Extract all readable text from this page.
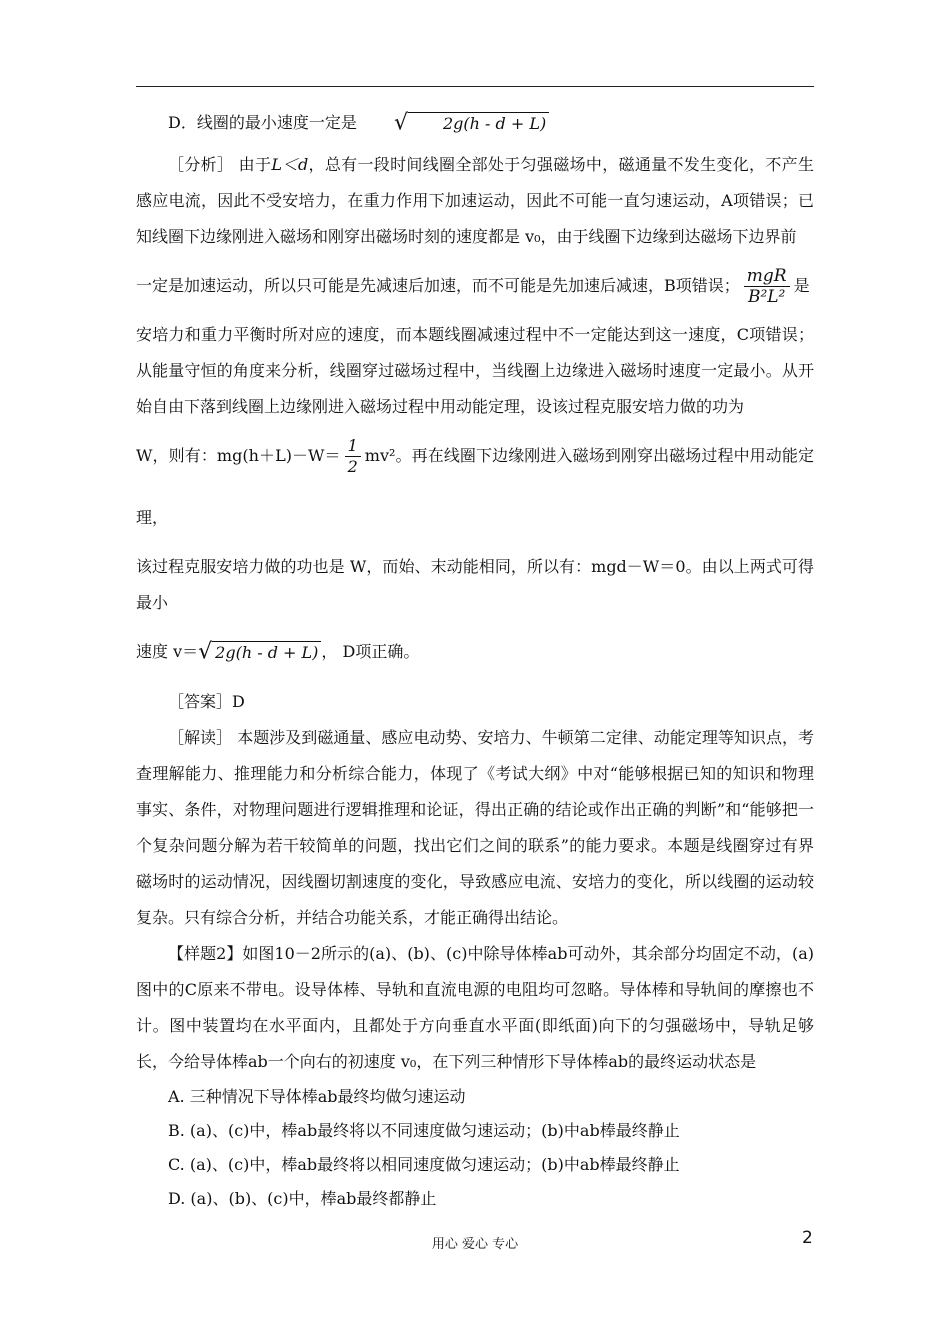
D．线圈的最小速度一定是 √ 2g(h - d + L)

［分析］ 由于L＜d，总有一段时间线圈全部处于匀强磁场中，磁通量不发生变化，不产生感应电流，因此不受安培力，在重力作用下加速运动，因此不可能一直匀速运动，A项错误；已知线圈下边缘刚进入磁场和刚穿出磁场时刻的速度都是 v₀，由于线圈下边缘到达磁场下边界前

一定是加速运动，所以只可能是先减速后加速，而不可能是先加速后减速，B项错误； $\frac{\text{mgR}}{\text{B²L²}}$ 是

安培力和重力平衡时所对应的速度，而本题线圈减速过程中不一定能达到这一速度，C项错误；从能量守恒的角度来分析，线圈穿过磁场过程中，当线圈上边缘进入磁场时速度一定最小。从开始自由下落到线圈上边缘刚进入磁场过程中用动能定理，设该过程克服安培力做的功为

W，则有：$mg(h+L)-W= \frac{1}{2} mv^2$。再在线圈下边缘刚进入磁场到刚穿出磁场过程中用动能定理，

该过程克服安培力做的功也是 W，而始、末动能相同，所以有：mgd－W＝0。由以上两式可得最小

速度 v＝√ 2g(h - d + L) ， D项正确。

［答案］D

［解读］ 本题涉及到磁通量、感应电动势、安培力、牛顿第二定律、动能定理等知识点，考查理解能力、推理能力和分析综合能力，体现了《考试大纲》中对“能够根据已知的知识和物理事实、条件，对物理问题进行逻辑推理和论证，得出正确的结论或作出正确的判断”和“能够把一个复杂问题分解为若干较简单的问题，找出它们之间的联系”的能力要求。本题是线圈穿过有界磁场时的运动情况，因线圈切割速度的变化，导致感应电流、安培力的变化，所以线圈的运动较复杂。只有综合分析，并结合功能关系，才能正确得出结论。

【样题2】如图10－2所示的(a)、(b)、(c)中除导体棒ab可动外，其余部分均固定不动，(a)图中的C原来不带电。设导体棒、导轨和直流电源的电阻均可忽略。导体棒和导轨间的摩擦也不计。图中装置均在水平面内，且都处于方向垂直水平面(即纸面)向下的匀强磁场中，导轨足够长，今给导体棒ab一个向右的初速度 v₀，在下列三种情形下导体棒ab的最终运动状态是

A. 三种情况下导体棒ab最终均做匀速运动

B. (a)、(c)中，棒ab最终将以不同速度做匀速运动；(b)中ab棒最终静止

C. (a)、(c)中，棒ab最终将以相同速度做匀速运动；(b)中ab棒最终静止

D. (a)、(b)、(c)中，棒ab最终都静止

用心 爱心 专心	2
